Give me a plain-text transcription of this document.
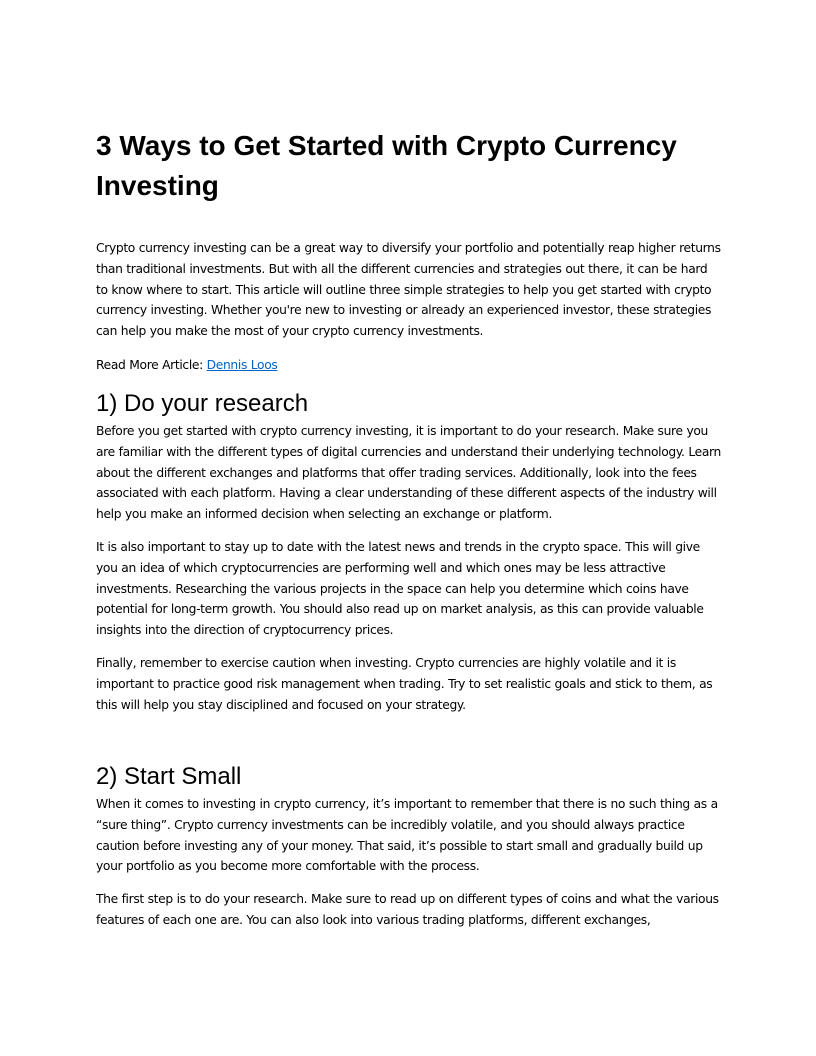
3 Ways to Get Started with Crypto Currency Investing

Crypto currency investing can be a great way to diversify your portfolio and potentially reap higher returns than traditional investments. But with all the different currencies and strategies out there, it can be hard to know where to start. This article will outline three simple strategies to help you get started with crypto currency investing. Whether you're new to investing or already an experienced investor, these strategies can help you make the most of your crypto currency investments.

Read More Article: Dennis Loos

1) Do your research

Before you get started with crypto currency investing, it is important to do your research. Make sure you are familiar with the different types of digital currencies and understand their underlying technology. Learn about the different exchanges and platforms that offer trading services. Additionally, look into the fees associated with each platform. Having a clear understanding of these different aspects of the industry will help you make an informed decision when selecting an exchange or platform.

It is also important to stay up to date with the latest news and trends in the crypto space. This will give you an idea of which cryptocurrencies are performing well and which ones may be less attractive investments. Researching the various projects in the space can help you determine which coins have potential for long-term growth. You should also read up on market analysis, as this can provide valuable insights into the direction of cryptocurrency prices.

Finally, remember to exercise caution when investing. Crypto currencies are highly volatile and it is important to practice good risk management when trading. Try to set realistic goals and stick to them, as this will help you stay disciplined and focused on your strategy.

2) Start Small

When it comes to investing in crypto currency, it’s important to remember that there is no such thing as a “sure thing”. Crypto currency investments can be incredibly volatile, and you should always practice caution before investing any of your money. That said, it’s possible to start small and gradually build up your portfolio as you become more comfortable with the process.

The first step is to do your research. Make sure to read up on different types of coins and what the various features of each one are. You can also look into various trading platforms, different exchanges,
